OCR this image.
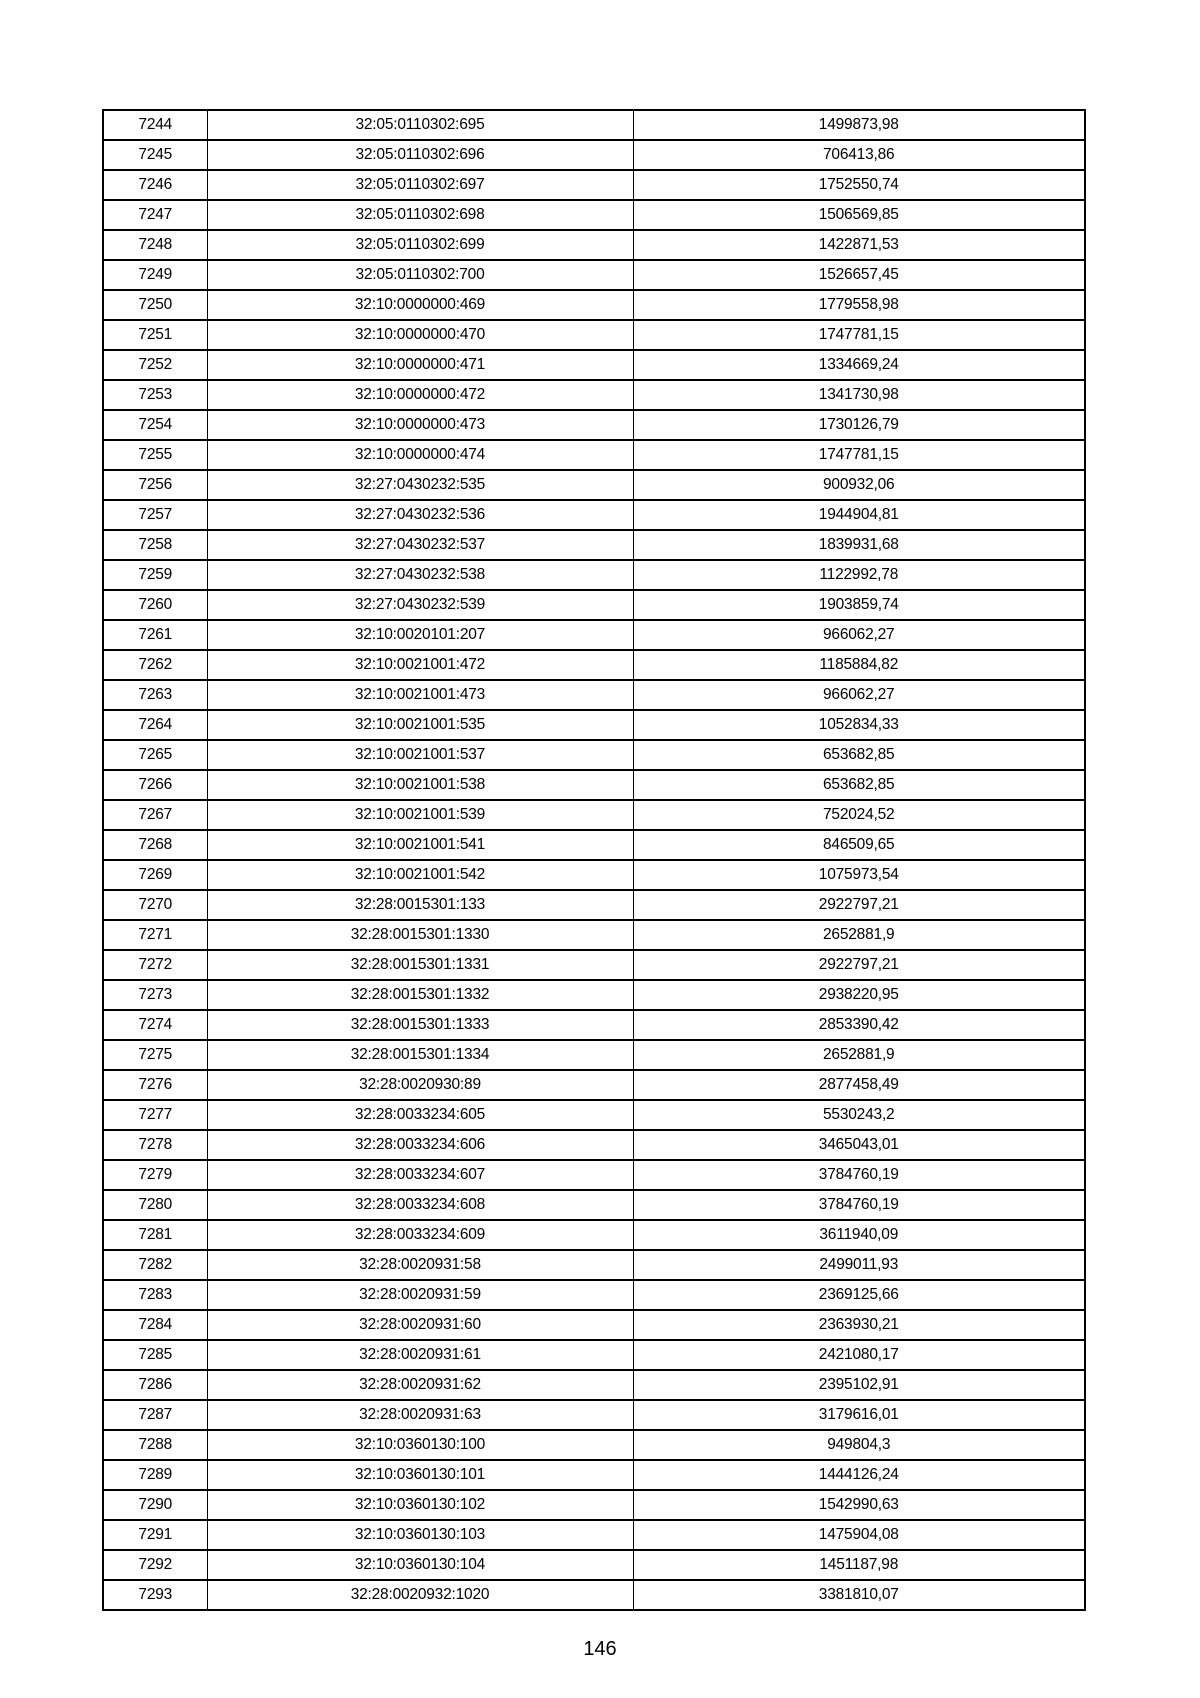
7244	32:05:0110302:695	1499873,98
7245	32:05:0110302:696	706413,86
7246	32:05:0110302:697	1752550,74
7247	32:05:0110302:698	1506569,85
7248	32:05:0110302:699	1422871,53
7249	32:05:0110302:700	1526657,45
7250	32:10:0000000:469	1779558,98
7251	32:10:0000000:470	1747781,15
7252	32:10:0000000:471	1334669,24
7253	32:10:0000000:472	1341730,98
7254	32:10:0000000:473	1730126,79
7255	32:10:0000000:474	1747781,15
7256	32:27:0430232:535	900932,06
7257	32:27:0430232:536	1944904,81
7258	32:27:0430232:537	1839931,68
7259	32:27:0430232:538	1122992,78
7260	32:27:0430232:539	1903859,74
7261	32:10:0020101:207	966062,27
7262	32:10:0021001:472	1185884,82
7263	32:10:0021001:473	966062,27
7264	32:10:0021001:535	1052834,33
7265	32:10:0021001:537	653682,85
7266	32:10:0021001:538	653682,85
7267	32:10:0021001:539	752024,52
7268	32:10:0021001:541	846509,65
7269	32:10:0021001:542	1075973,54
7270	32:28:0015301:133	2922797,21
7271	32:28:0015301:1330	2652881,9
7272	32:28:0015301:1331	2922797,21
7273	32:28:0015301:1332	2938220,95
7274	32:28:0015301:1333	2853390,42
7275	32:28:0015301:1334	2652881,9
7276	32:28:0020930:89	2877458,49
7277	32:28:0033234:605	5530243,2
7278	32:28:0033234:606	3465043,01
7279	32:28:0033234:607	3784760,19
7280	32:28:0033234:608	3784760,19
7281	32:28:0033234:609	3611940,09
7282	32:28:0020931:58	2499011,93
7283	32:28:0020931:59	2369125,66
7284	32:28:0020931:60	2363930,21
7285	32:28:0020931:61	2421080,17
7286	32:28:0020931:62	2395102,91
7287	32:28:0020931:63	3179616,01
7288	32:10:0360130:100	949804,3
7289	32:10:0360130:101	1444126,24
7290	32:10:0360130:102	1542990,63
7291	32:10:0360130:103	1475904,08
7292	32:10:0360130:104	1451187,98
7293	32:28:0020932:1020	3381810,07
146
